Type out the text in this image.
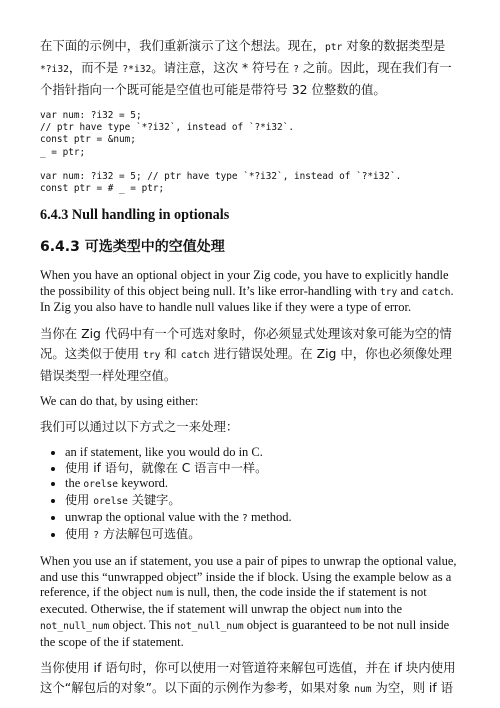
在下面的示例中，我们重新演示了这个想法。现在，ptr 对象的数据类型是 *?i32，而不是 ?*i32。请注意，这次 * 符号在 ? 之前。因此，现在我们有一个指针指向一个既可能是空值也可能是带符号 32 位整数的值。

var num: ?i32 = 5;
// ptr have type `*?i32`, instead of `?*i32`.
const ptr = &num;
_ = ptr;
var num: ?i32 = 5; // ptr have type `*?i32`, instead of `?*i32`.
const ptr = # _ = ptr;
6.4.3 Null handling in optionals
6.4.3 可选类型中的空值处理

When you have an optional object in your Zig code, you have to explicitly handle the possibility of this object being null. It’s like error-handling with try and catch. In Zig you also have to handle null values like if they were a type of error.

当你在 Zig 代码中有一个可选对象时，你必须显式处理该对象可能为空的情况。这类似于使用 try 和 catch 进行错误处理。在 Zig 中，你也必须像处理错误类型一样处理空值。

We can do that, by using either:

我们可以通过以下方式之一来处理：

• an if statement, like you would do in C.
• 使用 if 语句，就像在 C 语言中一样。
• the orelse keyword.
• 使用 orelse 关键字。
• unwrap the optional value with the ? method.
• 使用 ? 方法解包可选值。

When you use an if statement, you use a pair of pipes to unwrap the optional value, and use this “unwrapped object” inside the if block. Using the example below as a reference, if the object num is null, then, the code inside the if statement is not executed. Otherwise, the if statement will unwrap the object num into the not_null_num object. This not_null_num object is guaranteed to be not null inside the scope of the if statement.

当你使用 if 语句时，你可以使用一对管道符来解包可选值，并在 if 块内使用这个“解包后的对象”。以下面的示例作为参考，如果对象 num 为空，则 if 语
